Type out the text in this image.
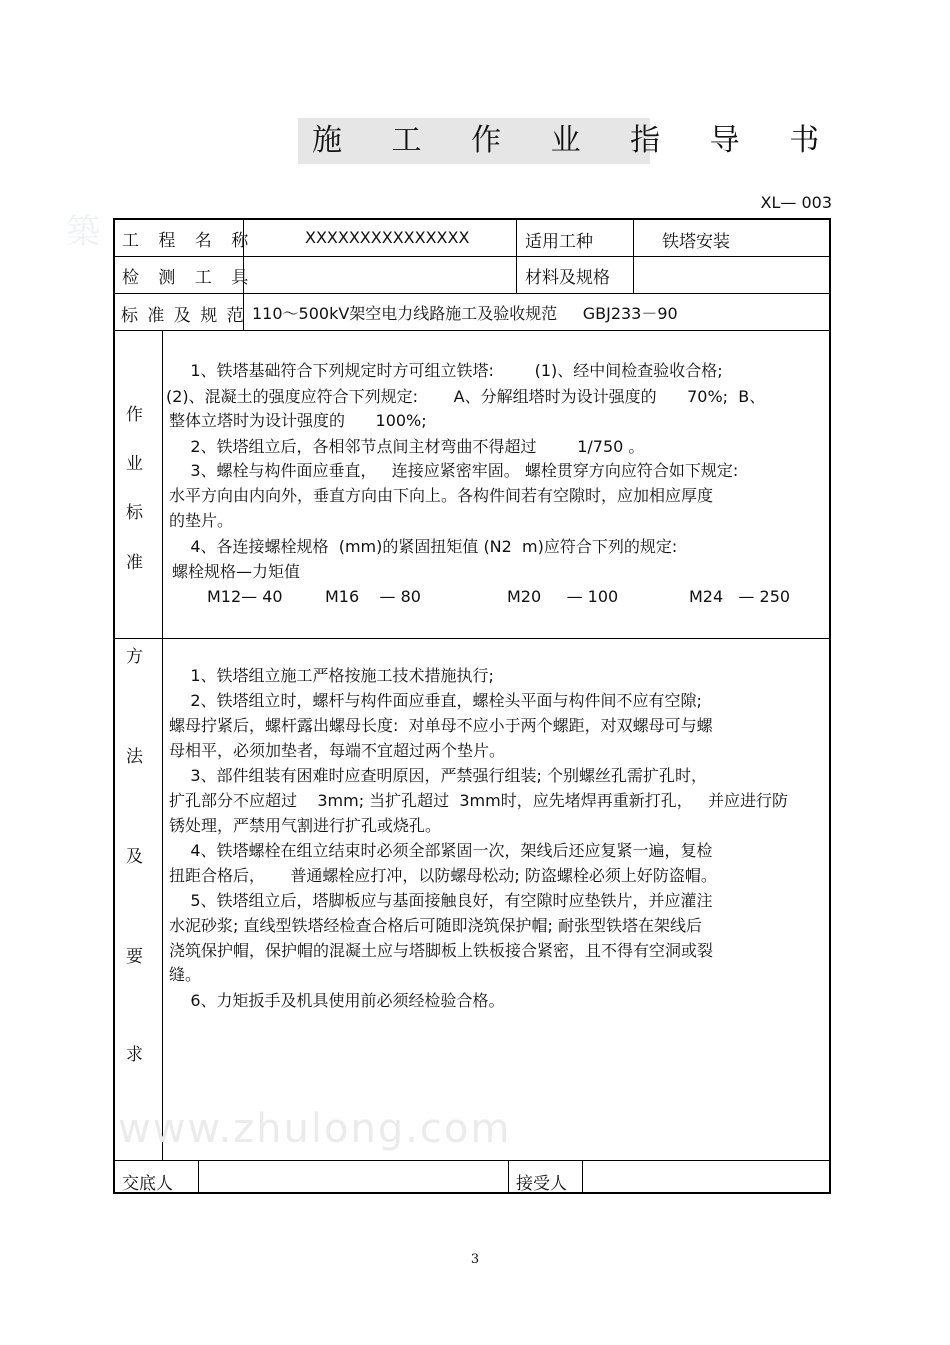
築
施 工 作 业 指 导 书
XL— 003
工 程 名 称	XXXXXXXXXXXXXXX	适用工种	铁塔安装
检 测 工 具	材料及规格
标 准 及 规 范 110～500kV架空电力线路施工及验收规范     GBJ233－90
作
业
标
准
1、铁塔基础符合下列规定时方可组立铁塔:        (1)、经中间检查验收合格;
(2)、混凝土的强度应符合下列规定:       A、分解组塔时为设计强度的      70%;  B、
整体立塔时为设计强度的      100%;
2、铁塔组立后，各相邻节点间主材弯曲不得超过        1/750 。
3、螺栓与构件面应垂直，   连接应紧密牢固。 螺栓贯穿方向应符合如下规定:
水平方向由内向外，垂直方向由下向上。各构件间若有空隙时，应加相应厚度
的垫片。
4、各连接螺栓规格  (mm)的紧固扭矩值 (N2  m)应符合下列的规定:
螺栓规格—力矩值
M12— 40	M16    — 80	M20     — 100	M24   — 250
方
法
及
要
求
1、铁塔组立施工严格按施工技术措施执行;
2、铁塔组立时，螺杆与构件面应垂直，螺栓头平面与构件间不应有空隙;
螺母拧紧后，螺杆露出螺母长度:  对单母不应小于两个螺距，对双螺母可与螺
母相平，必须加垫者，每端不宜超过两个垫片。
3、部件组装有困难时应查明原因，严禁强行组装; 个别螺丝孔需扩孔时，
扩孔部分不应超过    3mm; 当扩孔超过  3mm时，应先堵焊再重新打孔，   并应进行防
锈处理，严禁用气割进行扩孔或烧孔。
4、铁塔螺栓在组立结束时必须全部紧固一次，架线后还应复紧一遍，复检
扭距合格后，     普通螺栓应打冲，以防螺母松动; 防盗螺栓必须上好防盗帽。
5、铁塔组立后，塔脚板应与基面接触良好，有空隙时应垫铁片，并应灌注
水泥砂浆; 直线型铁塔经检查合格后可随即浇筑保护帽; 耐张型铁塔在架线后
浇筑保护帽，保护帽的混凝土应与塔脚板上铁板接合紧密，且不得有空洞或裂
缝。
6、力矩扳手及机具使用前必须经检验合格。
www.zhulong.com
交底人	接受人
3
